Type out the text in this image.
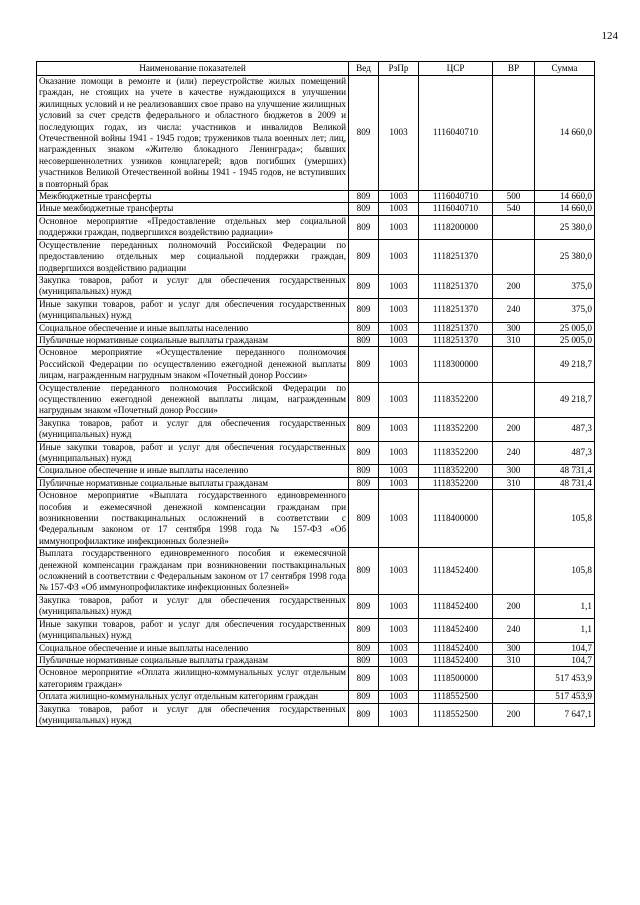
124
Наименование показателей	Вед	РзПр	ЦСР	ВР	Сумма
Оказание помощи в ремонте и (или) переустройстве жилых помещений граждан, не стоящих на учете в качестве нуждающихся в улучшении жилищных условий и не реализовавших свое право на улучшение жилищных условий за счет средств федерального и областного бюджетов в 2009 и последующих годах, из числа: участников и инвалидов Великой Отечественной войны 1941 - 1945 годов; тружеников тыла военных лет; лиц, награжденных знаком «Жителю блокадного Ленинграда»; бывших несовершеннолетних узников концлагерей; вдов погибших (умерших) участников Великой Отечественной войны 1941 - 1945 годов, не вступивших в повторный брак	809	1003	1116040710		14 660,0
Межбюджетные трансферты	809	1003	1116040710	500	14 660,0
Иные межбюджетные трансферты	809	1003	1116040710	540	14 660,0
Основное мероприятие «Предоставление отдельных мер социальной поддержки граждан, подвергшихся воздействию радиации»	809	1003	1118200000		25 380,0
Осуществление переданных полномочий Российской Федерации по предоставлению отдельных мер социальной поддержки граждан, подвергшихся воздействию радиации	809	1003	1118251370		25 380,0
Закупка товаров, работ и услуг для обеспечения государственных (муниципальных) нужд	809	1003	1118251370	200	375,0
Иные закупки товаров, работ и услуг для обеспечения государственных (муниципальных) нужд	809	1003	1118251370	240	375,0
Социальное обеспечение и иные выплаты населению	809	1003	1118251370	300	25 005,0
Публичные нормативные социальные выплаты гражданам	809	1003	1118251370	310	25 005,0
Основное мероприятие «Осуществление переданного полномочия Российской Федерации по осуществлению ежегодной денежной выплаты лицам, награжденным нагрудным знаком «Почетный донор России»	809	1003	1118300000		49 218,7
Осуществление переданного полномочия Российской Федерации по осуществлению ежегодной денежной выплаты лицам, награжденным нагрудным знаком «Почетный донор России»	809	1003	1118352200		49 218,7
Закупка товаров, работ и услуг для обеспечения государственных (муниципальных) нужд	809	1003	1118352200	200	487,3
Иные закупки товаров, работ и услуг для обеспечения государственных (муниципальных) нужд	809	1003	1118352200	240	487,3
Социальное обеспечение и иные выплаты населению	809	1003	1118352200	300	48 731,4
Публичные нормативные социальные выплаты гражданам	809	1003	1118352200	310	48 731,4
Основное мероприятие «Выплата государственного единовременного пособия и ежемесячной денежной компенсации гражданам при возникновении поствакцинальных осложнений в соответствии с Федеральным законом от 17 сентября 1998 года № 157-ФЗ «Об иммунопрофилактике инфекционных болезней»	809	1003	1118400000		105,8
Выплата государственного единовременного пособия и ежемесячной денежной компенсации гражданам при возникновении поствакцинальных осложнений в соответствии с Федеральным законом от 17 сентября 1998 года № 157-ФЗ «Об иммунопрофилактике инфекционных болезней»	809	1003	1118452400		105,8
Закупка товаров, работ и услуг для обеспечения государственных (муниципальных) нужд	809	1003	1118452400	200	1,1
Иные закупки товаров, работ и услуг для обеспечения государственных (муниципальных) нужд	809	1003	1118452400	240	1,1
Социальное обеспечение и иные выплаты населению	809	1003	1118452400	300	104,7
Публичные нормативные социальные выплаты гражданам	809	1003	1118452400	310	104,7
Основное мероприятие «Оплата жилищно-коммунальных услуг отдельным категориям граждан»	809	1003	1118500000		517 453,9
Оплата жилищно-коммунальных услуг отдельным категориям граждан	809	1003	1118552500		517 453,9
Закупка товаров, работ и услуг для обеспечения государственных (муниципальных) нужд	809	1003	1118552500	200	7 647,1
